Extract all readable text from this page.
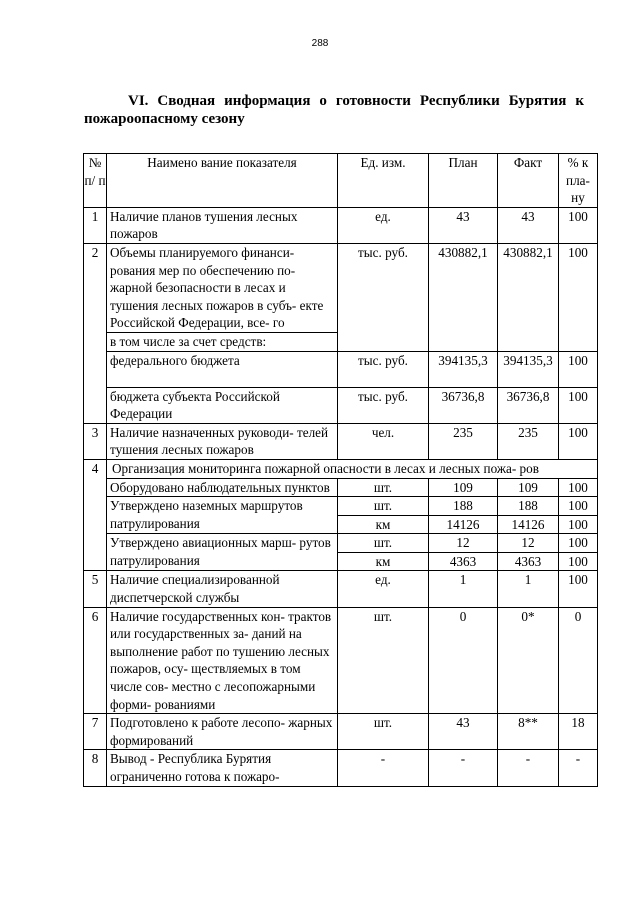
288
VI. Сводная информация о готовности Республики Бурятия к пожароопасному сезону
№ п/ п	Наимено вание показателя	Ед. изм.	План	Факт	% к пла- ну
1	Наличие планов тушения лесных пожаров	ед.	43	43	100
2	Объемы планируемого финанси- рования мер по обеспечению по- жарной безопасности в лесах и тушения лесных пожаров в субъ- екте Российской Федерации, все- го	тыс. руб.	430882,1	430882,1	100
	в том числе за счет средств:				
	федерального бюджета	тыс. руб.	394135,3	394135,3	100
	бюджета субъекта Российской Федерации	тыс. руб.	36736,8	36736,8	100
3	Наличие назначенных руководи- телей тушения лесных пожаров	чел.	235	235	100
4	Организация мониторинга пожарной опасности в лесах и лесных пожа- ров				
	Оборудовано наблюдательных пунктов	шт.	109	109	100
	Утверждено наземных маршрутов патрулирования	шт.	188	188	100
		км	14126	14126	100
	Утверждено авиационных марш- рутов патрулирования	шт.	12	12	100
		км	4363	4363	100
5	Наличие специализированной диспетчерской службы	ед.	1	1	100
6	Наличие государственных кон- трактов или государственных за- даний на выполнение работ по тушению лесных пожаров, осу- ществляемых в том числе сов- местно с лесопожарными форми- рованиями	шт.	0	0*	0
7	Подготовлено к работе лесопо- жарных формирований	шт.	43	8**	18
8	Вывод - Республика Бурятия ограниченно готова к пожаро-	-	-	-	-
